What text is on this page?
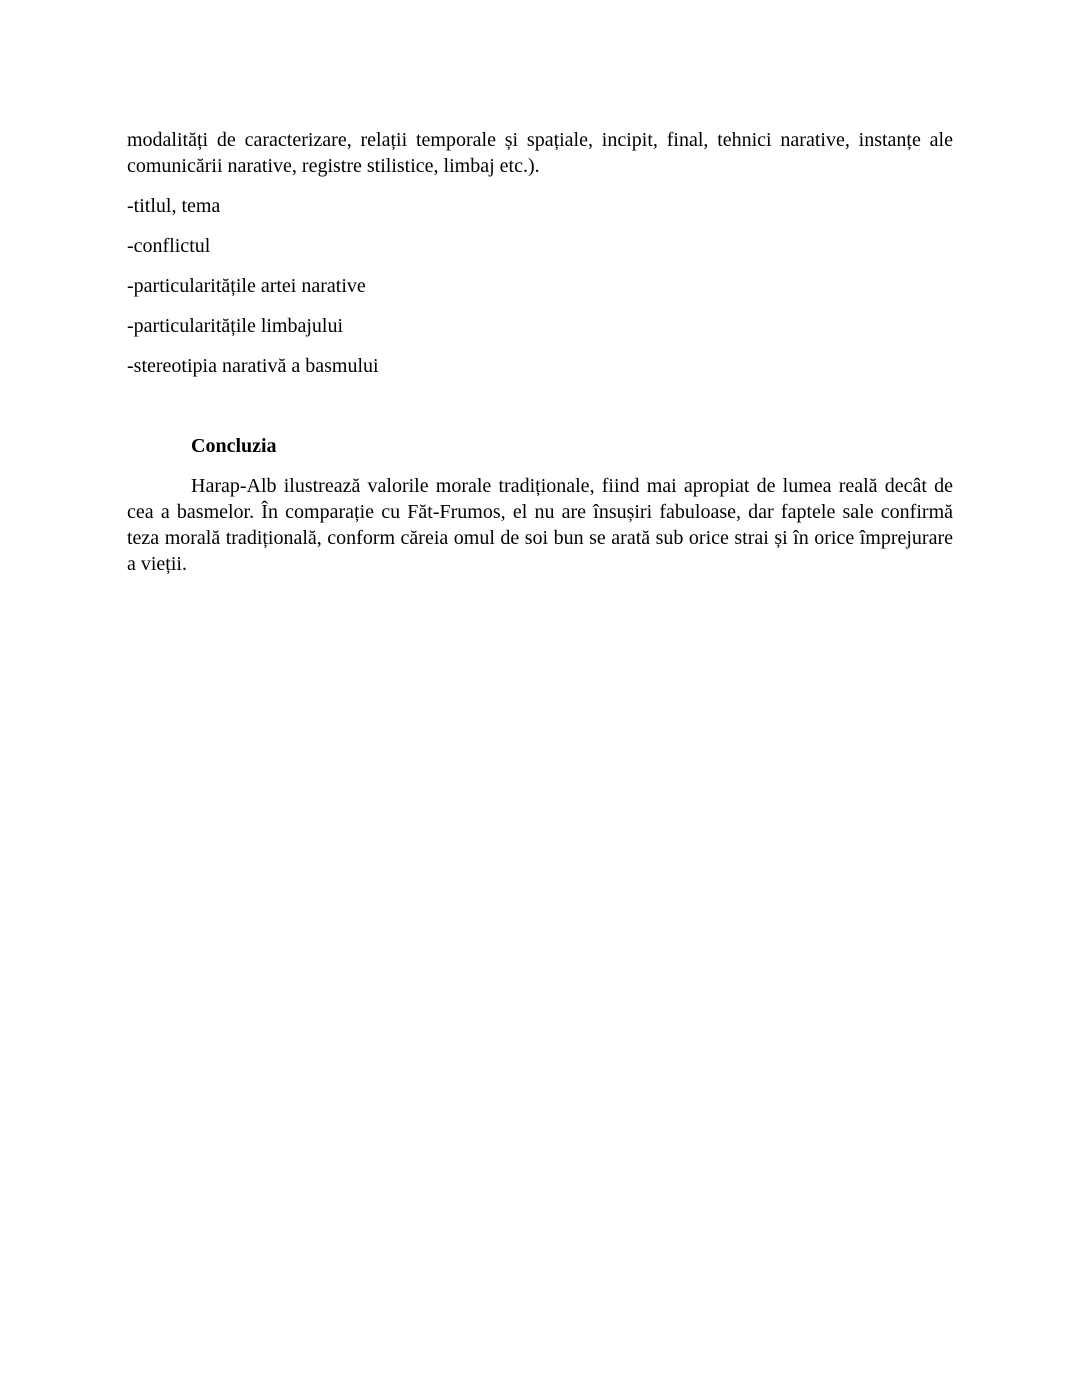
modalități de caracterizare, relații temporale și spațiale, incipit, final, tehnici narative, instanțe ale comunicării narative, registre stilistice, limbaj etc.).

-titlul, tema
-conflictul
-particularitățile artei narative
-particularitățile limbajului
-stereotipia narativă a basmului
Concluzia

Harap-Alb ilustrează valorile morale tradiționale, fiind mai apropiat de lumea reală decât de cea a basmelor. În comparație cu Făt-Frumos, el nu are însușiri fabuloase, dar faptele sale confirmă teza morală tradițională, conform căreia omul de soi bun se arată sub orice strai și în orice împrejurare a vieții.
